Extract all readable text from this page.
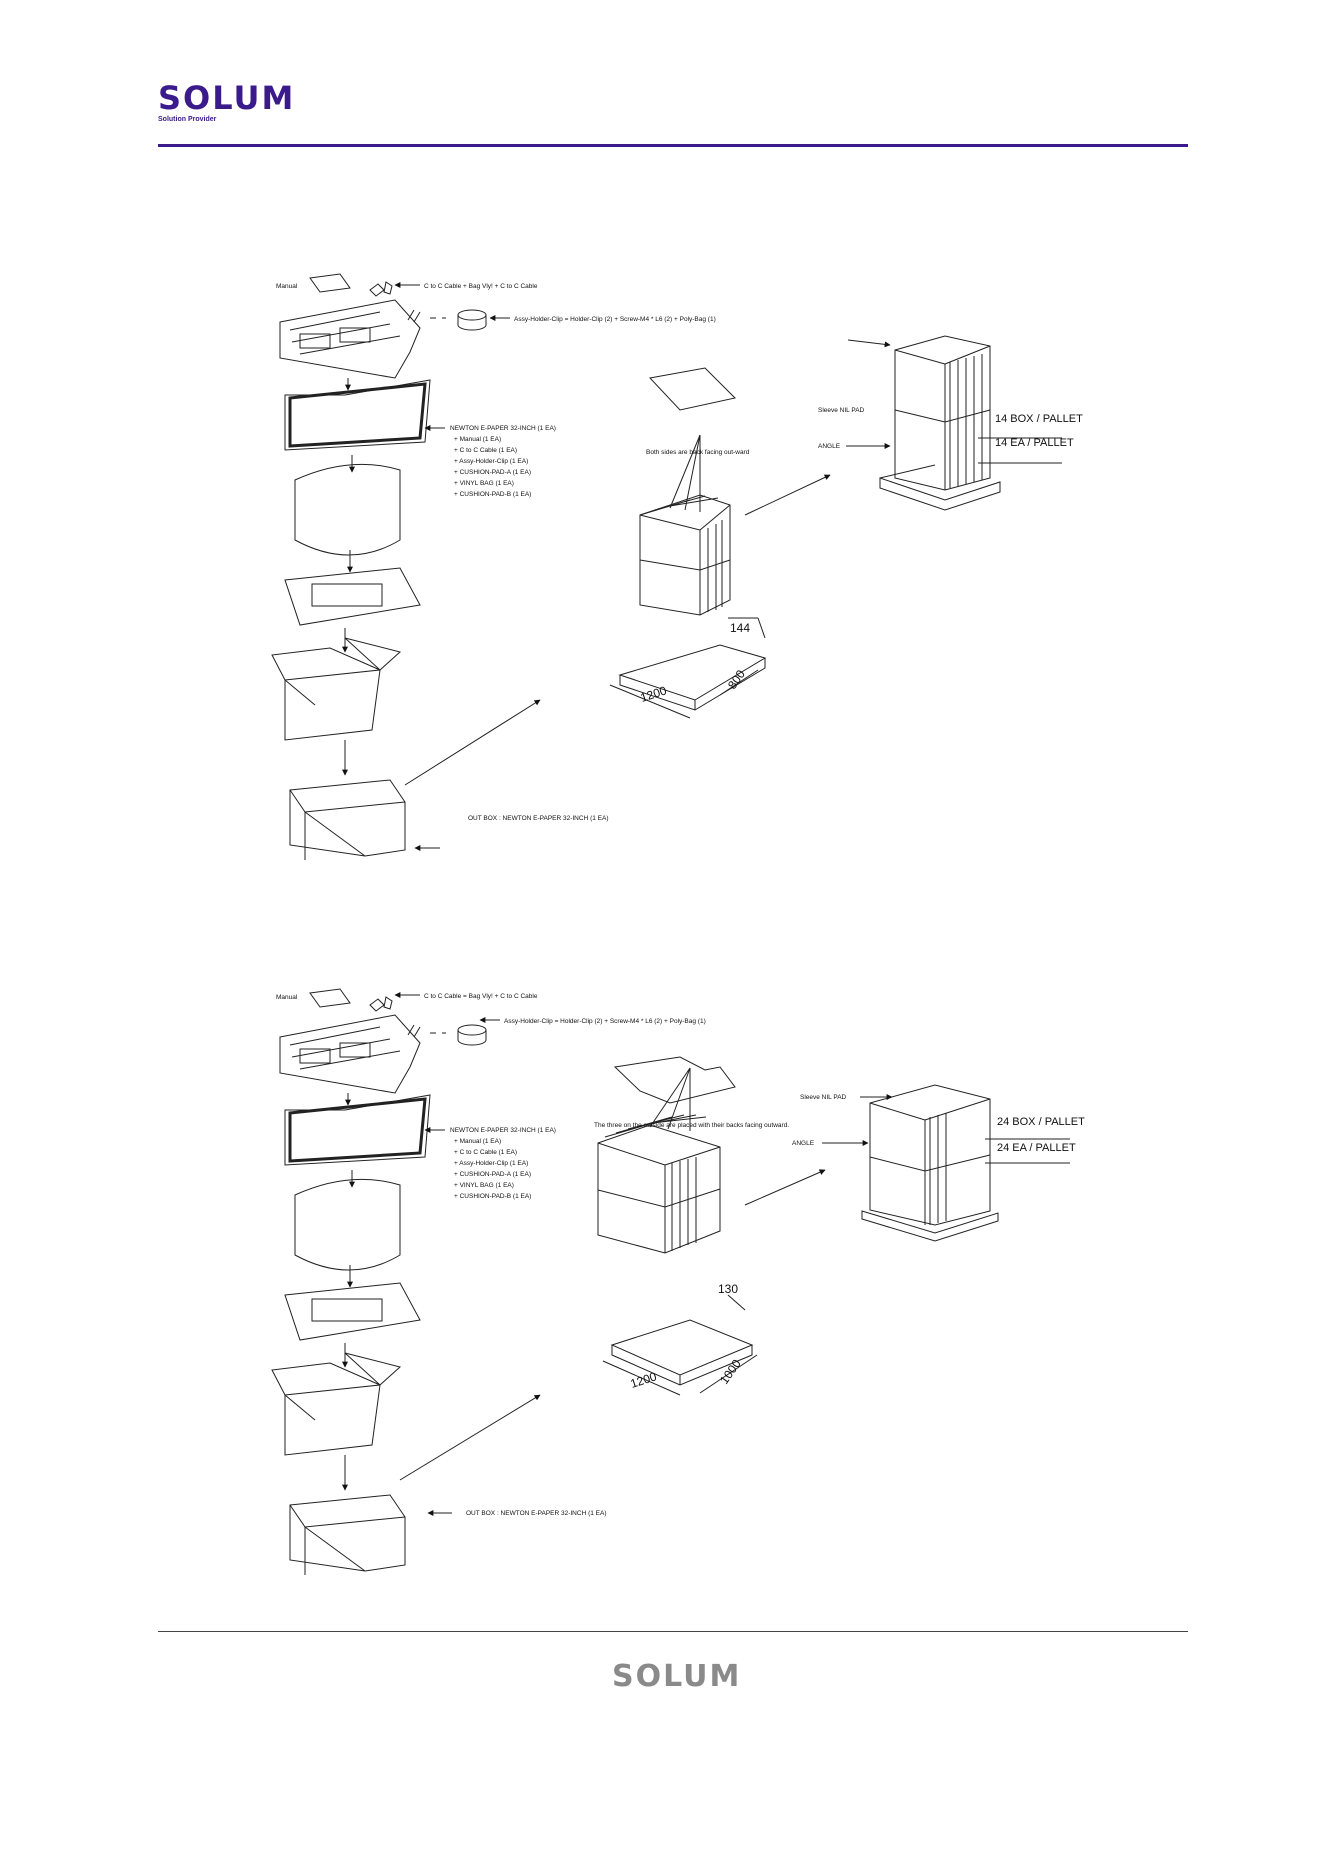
SOLUM
Solution Provider
Manual	C to C Cable + Bag Vly! + C to C Cable
Assy-Holder-Clip = Holder-Clip (2) + Screw-M4 * L6 (2) + Poly-Bag (1)
NEWTON E-PAPER 32-INCH (1 EA)
+ Manual (1 EA)
+ C to C Cable (1 EA)
+ Assy-Holder-Clip (1 EA)
+ CUSHION-PAD-A (1 EA)
+ VINYL BAG (1 EA)
+ CUSHION-PAD-B (1 EA)
Both sides are back facing out-ward
Sleeve NIL PAD
ANGLE
14 BOX / PALLET
14 EA / PALLET
1200
800
144
OUT BOX : NEWTON E-PAPER 32-INCH (1 EA)
Manual	C to C Cable = Bag Vly! + C to C Cable
Assy-Holder-Clip = Holder-Clip (2) + Screw-M4 * L6 (2) + Poly-Bag (1)
NEWTON E-PAPER 32-INCH (1 EA)
+ Manual (1 EA)
+ C to C Cable (1 EA)
+ Assy-Holder-Clip (1 EA)
+ CUSHION-PAD-A (1 EA)
+ VINYL BAG (1 EA)
+ CUSHION-PAD-B (1 EA)
The three on the outside are placed with their backs facing outward.
Sleeve NIL PAD
ANGLE
24 BOX / PALLET
24 EA / PALLET
1200	1000
130
OUT BOX : NEWTON E-PAPER 32-INCH (1 EA)
SOLUM
